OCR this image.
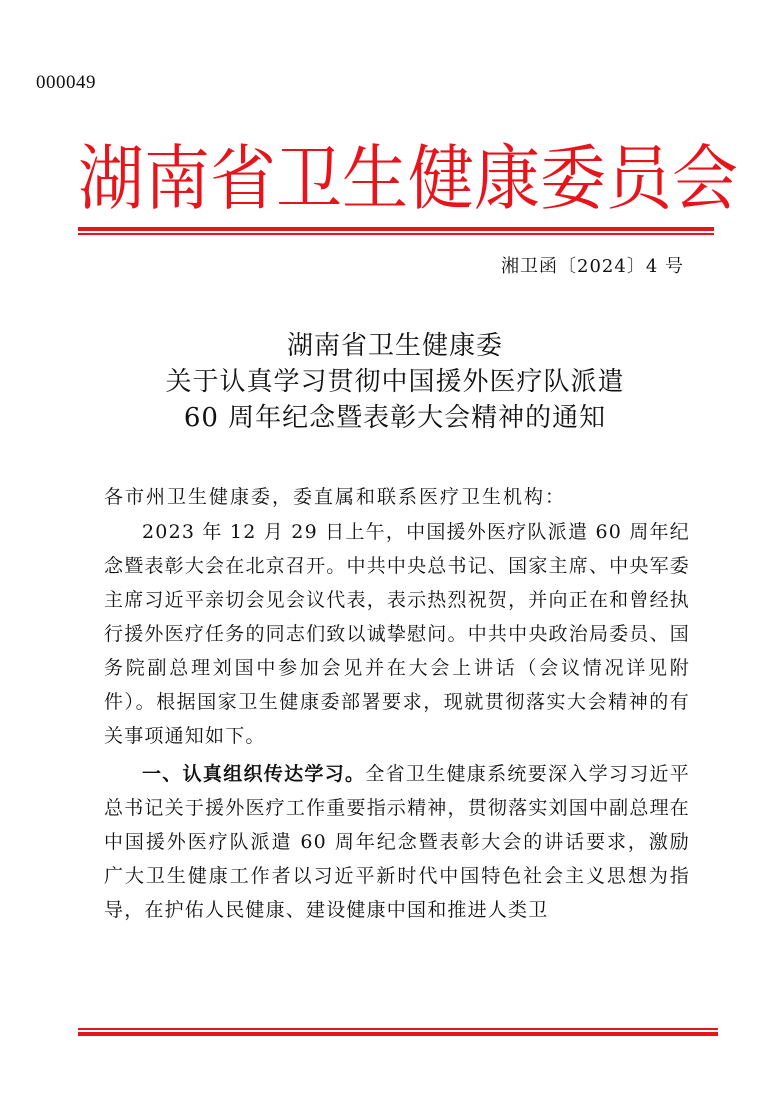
000049
湖南省卫生健康委员会
湘卫函〔2024〕4 号
湖南省卫生健康委
关于认真学习贯彻中国援外医疗队派遣
60 周年纪念暨表彰大会精神的通知
各市州卫生健康委，委直属和联系医疗卫生机构：

2023 年 12 月 29 日上午，中国援外医疗队派遣 60 周年纪念暨表彰大会在北京召开。中共中央总书记、国家主席、中央军委主席习近平亲切会见会议代表，表示热烈祝贺，并向正在和曾经执行援外医疗任务的同志们致以诚挚慰问。中共中央政治局委员、国务院副总理刘国中参加会见并在大会上讲话（会议情况详见附件）。根据国家卫生健康委部署要求，现就贯彻落实大会精神的有关事项通知如下。

一、认真组织传达学习。全省卫生健康系统要深入学习习近平总书记关于援外医疗工作重要指示精神，贯彻落实刘国中副总理在中国援外医疗队派遣 60 周年纪念暨表彰大会的讲话要求，激励广大卫生健康工作者以习近平新时代中国特色社会主义思想为指导，在护佑人民健康、建设健康中国和推进人类卫
